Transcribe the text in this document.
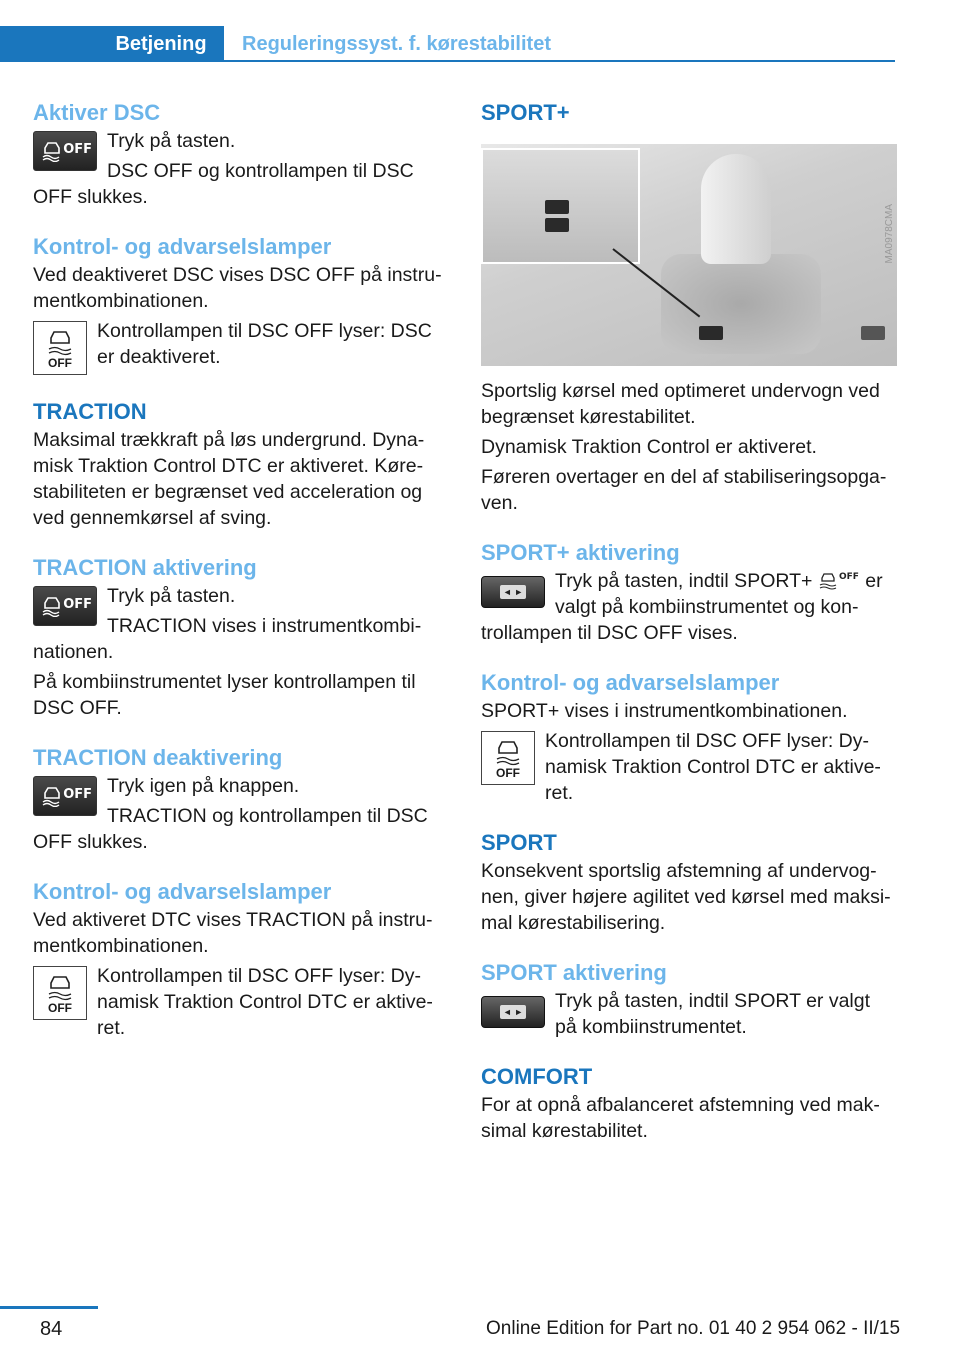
Betjening	Reguleringssyst. f. kørestabilitet
Aktiver DSC
OFF Tryk på tasten.

DSC OFF og kontrollampen til DSC

OFF slukkes.

Kontrol- og advarselslamper

Ved deaktiveret DSC vises DSC OFF på instru‐

mentkombinationen.

OFF

Kontrollampen til DSC OFF lyser: DSC

er deaktiveret.

TRACTION

Maksimal trækkraft på løs undergrund. Dyna‐

misk Traktion Control DTC er aktiveret. Køre‐

stabiliteten er begrænset ved acceleration og

ved gennemkørsel af sving.

TRACTION aktivering
OFF Tryk på tasten.

TRACTION vises i instrumentkombi‐

nationen.

På kombiinstrumentet lyser kontrollampen til

DSC OFF.

TRACTION deaktivering
OFF Tryk igen på knappen.

TRACTION og kontrollampen til DSC

OFF slukkes.

Kontrol- og advarselslamper

Ved aktiveret DTC vises TRACTION på instru‐

mentkombinationen.

OFF

Kontrollampen til DSC OFF lyser: Dy‐

namisk Traktion Control DTC er aktive‐

ret.

SPORT+
MA0978CMA

Sportslig kørsel med optimeret undervogn ved

begrænset kørestabilitet.

Dynamisk Traktion Control er aktiveret.

Føreren overtager en del af stabiliseringsopga‐

ven.

SPORT+ aktivering
◄ ►	Tryk på tasten, indtil SPORT+	OFF er

valgt på kombiinstrumentet og kon‐

trollampen til DSC OFF vises.

Kontrol- og advarselslamper

SPORT+ vises i instrumentkombinationen.

OFF

Kontrollampen til DSC OFF lyser: Dy‐

namisk Traktion Control DTC er aktive‐

ret.

SPORT

Konsekvent sportslig afstemning af undervog‐

nen, giver højere agilitet ved kørsel med maksi‐

mal kørestabilisering.

SPORT aktivering
◄ ►	Tryk på tasten, indtil SPORT er valgt

på kombiinstrumentet.

COMFORT

For at opnå afbalanceret afstemning ved mak‐

simal kørestabilitet.

84	Online Edition for Part no. 01 40 2 954 062 - II/15
